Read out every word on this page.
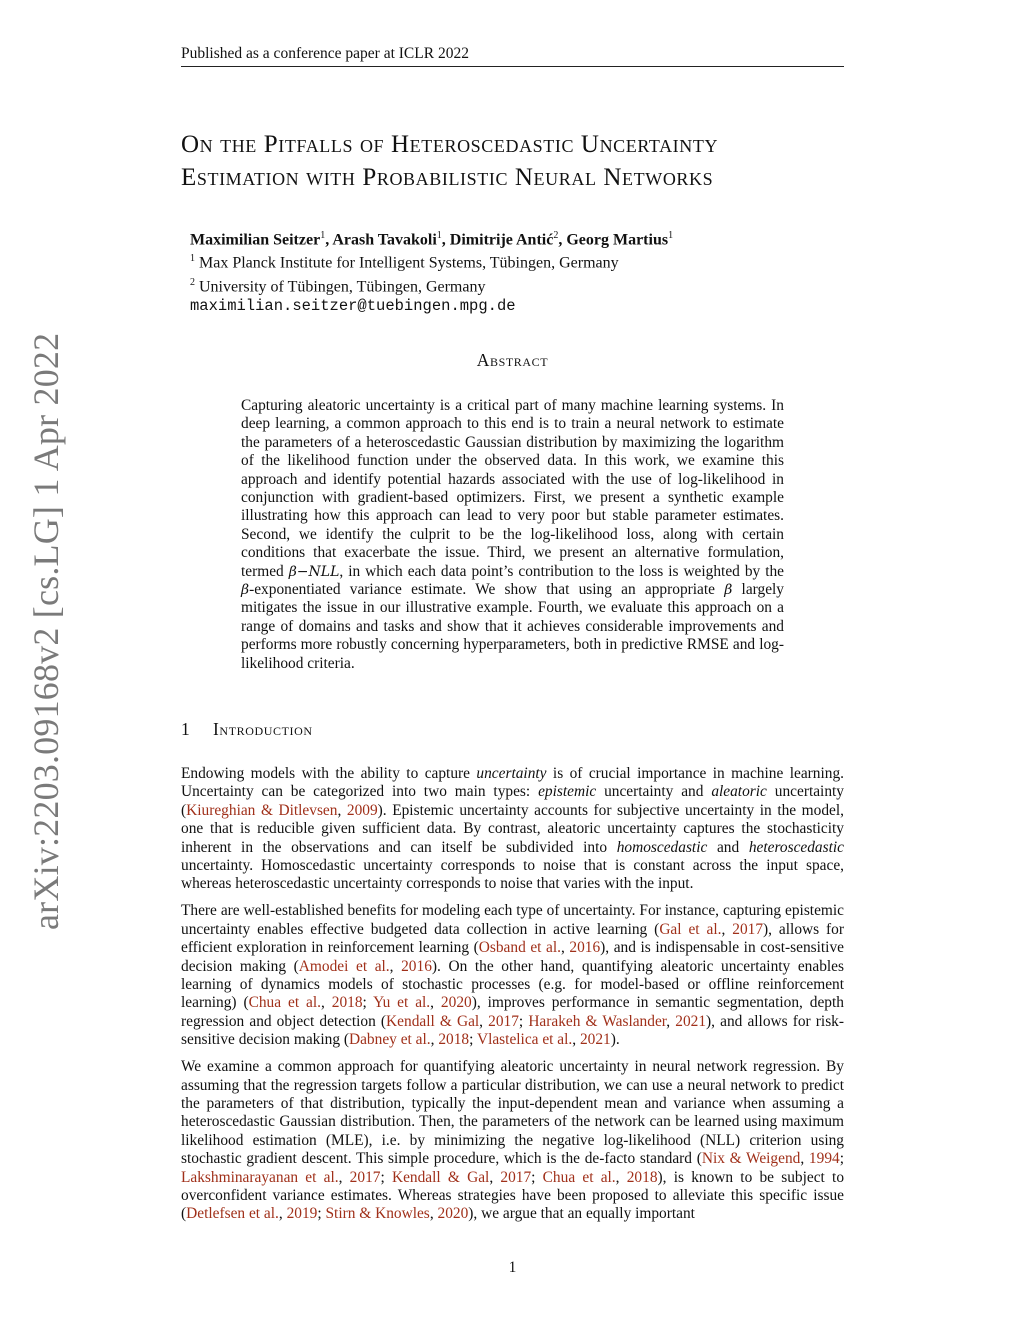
Published as a conference paper at ICLR 2022
arXiv:2203.09168v2 [cs.LG] 1 Apr 2022
On the Pitfalls of Heteroscedastic Uncertainty
Estimation with Probabilistic Neural Networks
Maximilian Seitzer$^1$, Arash Tavakoli$^1$, Dimitrije Antić$^2$, Georg Martius$^1$
$^1$ Max Planck Institute for Intelligent Systems, Tübingen, Germany
$^2$ University of Tübingen, Tübingen, Germany
maximilian.seitzer@tuebingen.mpg.de
Abstract

Capturing aleatoric uncertainty is a critical part of many machine learning systems. In deep learning, a common approach to this end is to train a neural network to estimate the parameters of a heteroscedastic Gaussian distribution by maximizing the logarithm of the likelihood function under the observed data. In this work, we examine this approach and identify potential hazards associated with the use of log-likelihood in conjunction with gradient-based optimizers. First, we present a synthetic example illustrating how this approach can lead to very poor but stable parameter estimates. Second, we identify the culprit to be the log-likelihood loss, along with certain conditions that exacerbate the issue. Third, we present an alternative formulation, termed β−NLL, in which each data point’s contribution to the loss is weighted by the β-exponentiated variance estimate. We show that using an appropriate β largely mitigates the issue in our illustrative example. Fourth, we evaluate this approach on a range of domains and tasks and show that it achieves considerable improvements and performs more robustly concerning hyperparameters, both in predictive RMSE and log-likelihood criteria.

1 Introduction

Endowing models with the ability to capture uncertainty is of crucial importance in machine learning. Uncertainty can be categorized into two main types: epistemic uncertainty and aleatoric uncertainty (Kiureghian & Ditlevsen, 2009). Epistemic uncertainty accounts for subjective uncertainty in the model, one that is reducible given sufficient data. By contrast, aleatoric uncertainty captures the stochasticity inherent in the observations and can itself be subdivided into homoscedastic and heteroscedastic uncertainty. Homoscedastic uncertainty corresponds to noise that is constant across the input space, whereas heteroscedastic uncertainty corresponds to noise that varies with the input.

There are well-established benefits for modeling each type of uncertainty. For instance, capturing epistemic uncertainty enables effective budgeted data collection in active learning (Gal et al., 2017), allows for efficient exploration in reinforcement learning (Osband et al., 2016), and is indispensable in cost-sensitive decision making (Amodei et al., 2016). On the other hand, quantifying aleatoric uncertainty enables learning of dynamics models of stochastic processes (e.g. for model-based or offline reinforcement learning) (Chua et al., 2018; Yu et al., 2020), improves performance in semantic segmentation, depth regression and object detection (Kendall & Gal, 2017; Harakeh & Waslander, 2021), and allows for risk-sensitive decision making (Dabney et al., 2018; Vlastelica et al., 2021).

We examine a common approach for quantifying aleatoric uncertainty in neural network regression. By assuming that the regression targets follow a particular distribution, we can use a neural network to predict the parameters of that distribution, typically the input-dependent mean and variance when assuming a heteroscedastic Gaussian distribution. Then, the parameters of the network can be learned using maximum likelihood estimation (MLE), i.e. by minimizing the negative log-likelihood (NLL) criterion using stochastic gradient descent. This simple procedure, which is the de-facto standard (Nix & Weigend, 1994; Lakshminarayanan et al., 2017; Kendall & Gal, 2017; Chua et al., 2018), is known to be subject to overconfident variance estimates. Whereas strategies have been proposed to alleviate this specific issue (Detlefsen et al., 2019; Stirn & Knowles, 2020), we argue that an equally important

1
